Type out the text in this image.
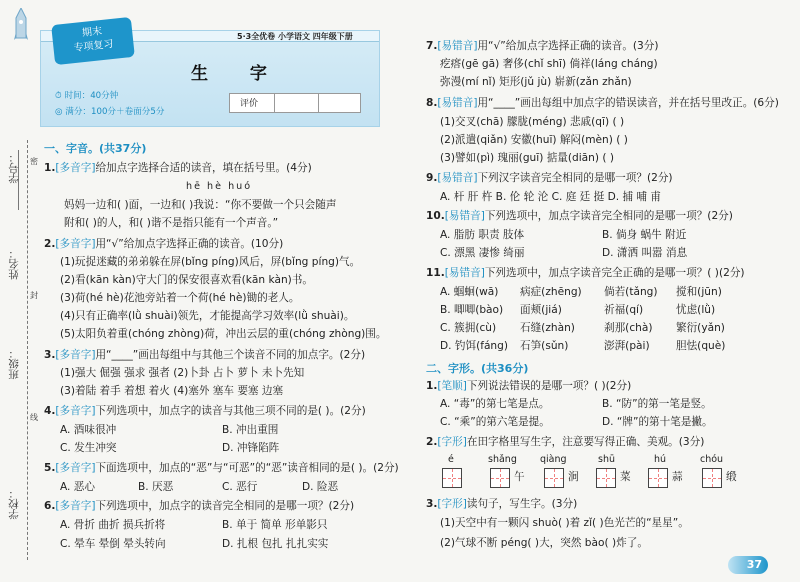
学号：
姓名：
班级：
学校：
密
封
线
期末
专项复习
5·3全优卷 小学语文 四年级下册
生 字
⏱ 时间：40分钟
◎ 满分：100分＋卷面分5分
评价
一、字音。(共37分)
1.[多音字]给加点字选择合适的读音，填在括号里。(4分)
hē hè huó
妈妈一边和( )面，一边和( )我说：“你不要做一个只会随声
附和( )的人，和( )谐不是指只能有一个声音。”
2.[多音字]用“√”给加点字选择正确的读音。(10分)
(1)玩捉迷藏的弟弟躲在屏(bǐng píng)风后，屏(bǐng píng)气。
(2)看(kān kàn)守大门的保安很喜欢看(kān kàn)书。
(3)荷(hé hè)花池旁站着一个荷(hé hè)锄的老人。
(4)只有正确率(lǜ shuài)领先，才能提高学习效率(lǜ shuài)。
(5)太阳负着重(chóng zhòng)荷，冲出云层的重(chóng zhòng)围。
3.[多音字]用“____”画出每组中与其他三个读音不同的加点字。(2分)
(1)强大 倔强 强求 强者 (2)卜卦 占卜 萝卜 未卜先知
(3)着陆 着手 着想 着火 (4)塞外 塞车 要塞 边塞
4.[多音字]下列选项中，加点字的读音与其他三项不同的是( )。(2分)
A. 酒味很冲	B. 冲出重围
C. 发生冲突	D. 冲锋陷阵
5.[多音字]下面选项中，加点的“恶”与“可恶”的“恶”读音相同的是( )。(2分)
A. 恶心	B. 厌恶	C. 恶行	D. 险恶
6.[多音字]下列选项中，加点字的读音完全相同的是哪一项？(2分)
A. 骨折 曲折 损兵折将	B. 单于 简单 形单影只
C. 晕车 晕倒 晕头转向	D. 扎根 包扎 扎扎实实
7.[易错音]用“√”给加点字选择正确的读音。(3分)
疙瘩(gē gā) 奢侈(chǐ shī) 倘祥(láng cháng)
弥漫(mí nǐ) 矩形(jǔ jù) 崭新(zǎn zhǎn)
8.[易错音]用“____”画出每组中加点字的错误读音，并在括号里改正。(6分)
(1)交叉(chā) 朦胧(méng) 悲戚(qī) ( )
(2)派遣(qiǎn) 安徽(huī) 解闷(mèn) ( )
(3)譬如(pì) 瑰丽(guī) 掂量(diān) ( )
9.[易错音]下列汉字读音完全相同的是哪一项？(2分)
A. 杆 肝 杵 B. 伦 轮 沦 C. 庭 廷 挺 D. 捕 哺 甫
10.[易错音]下列选项中，加点字读音完全相同的是哪一项？(2分)
A. 脂肪 职责 肢体	B. 倘身 蜗牛 附近
C. 漂黑 凄惨 绮丽	D. 潇洒 叫嚣 消息
11.[易错音]下列选项中，加点字读音完全正确的是哪一项？( )(2分)
A. 蝈蛔(wā) 病症(zhēng) 倘若(tǎng) 搅和(jūn)
B. 唧唧(bào) 面颊(jiá)	祈福(qí)	忧虑(lǜ)
C. 簇拥(cù) 石缝(zhàn)	刹那(chà) 繁衍(yǎn)
D. 钓饵(fáng) 石笋(sǔn)	澎湃(pài) 胆怯(què)
二、字形。(共36分)
1.[笔顺]下列说法错误的是哪一项？( )(2分)
A. “毒”的第七笔是点。	B. “防”的第一笔是竖。
C. “乘”的第六笔是提。	D. “牌”的第十笔是撇。
2.[字形]在田字格里写生字，注意要写得正确、美观。(3分)
é	shǎng
午
qiàng
涧
shū
菜
hú
蒜
chóu
缎
3.[字形]读句子，写生字。(3分)
(1)天空中有一颗闪 shuò( )着 zǐ( )色光芒的“星星”。
(2)气球不断 péng( )大，突然 bào( )炸了。
37
